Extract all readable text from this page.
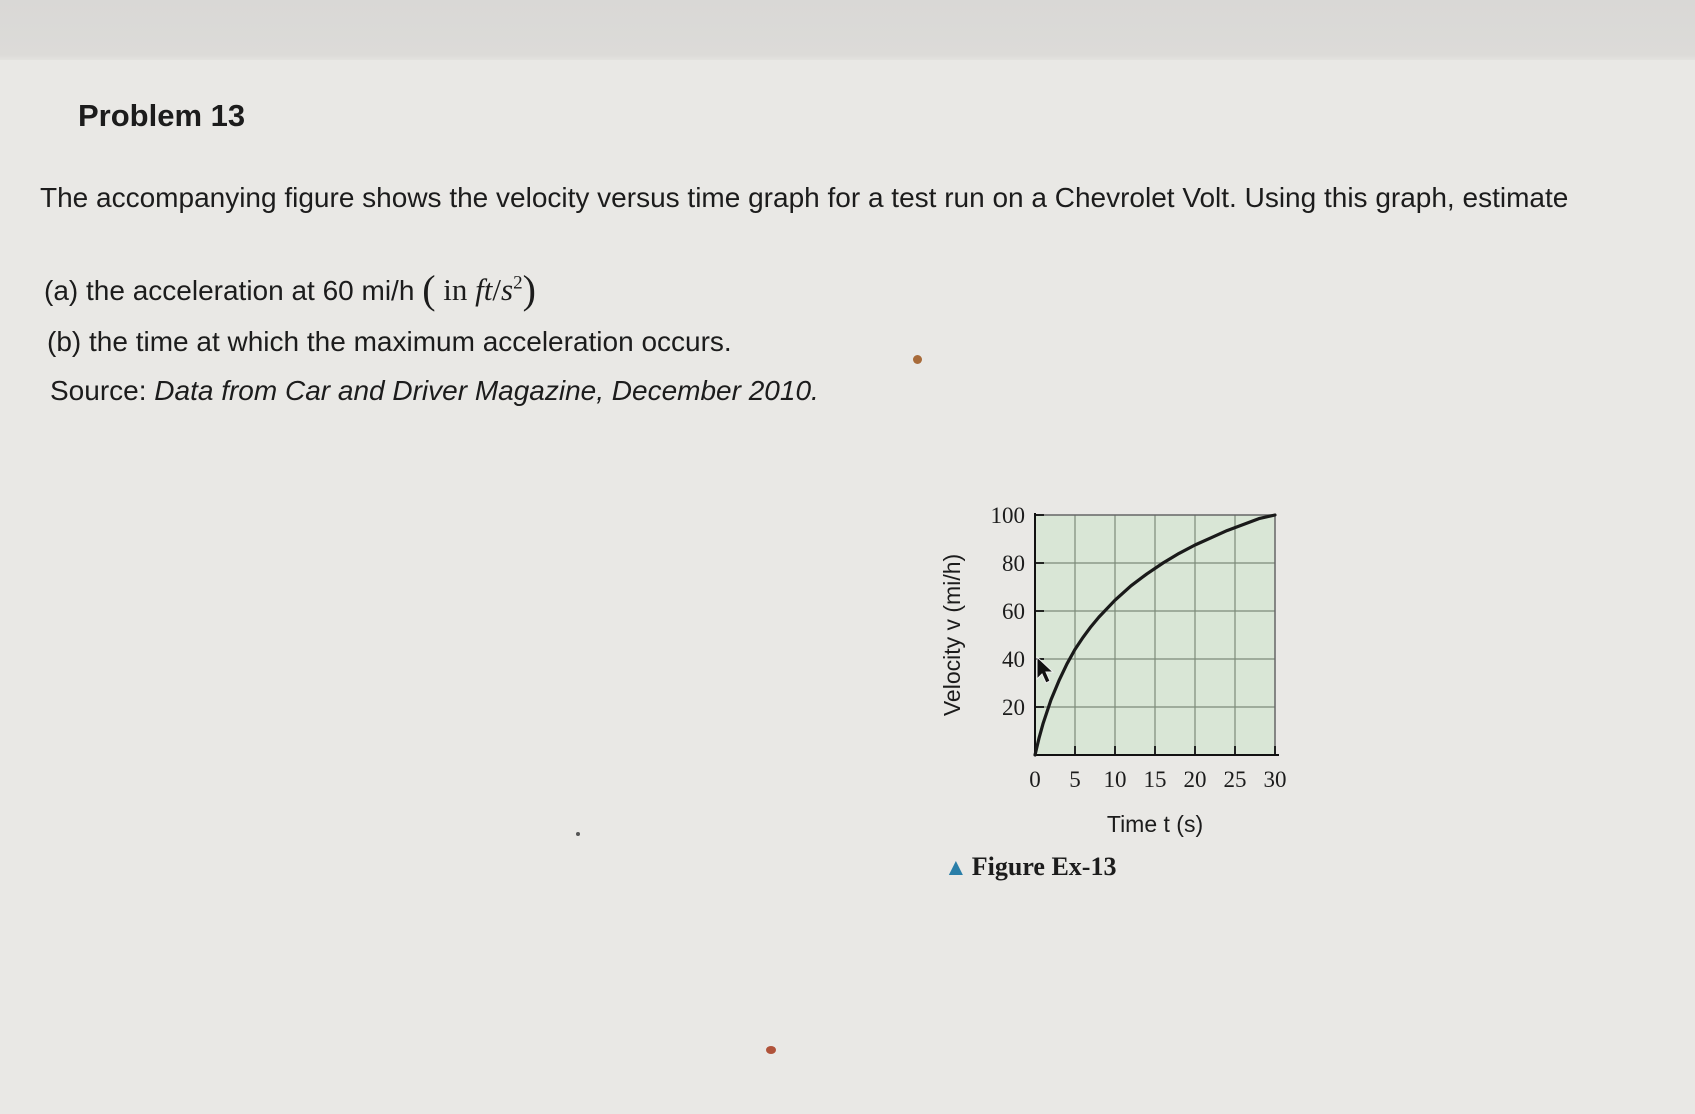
Problem 13
The accompanying figure shows the velocity versus time graph for a test run on a Chevrolet Volt. Using this graph, estimate
(a) the acceleration at 60 mi/h ( in $ft/s^2$)
(b) the time at which the maximum acceleration occurs.
Source: Data from Car and Driver Magazine, December 2010.
0 5 10 15 20 25 30
20
40
60
80
100
Time t (s)
Velocity v (mi/h)
▲ Figure Ex-13
